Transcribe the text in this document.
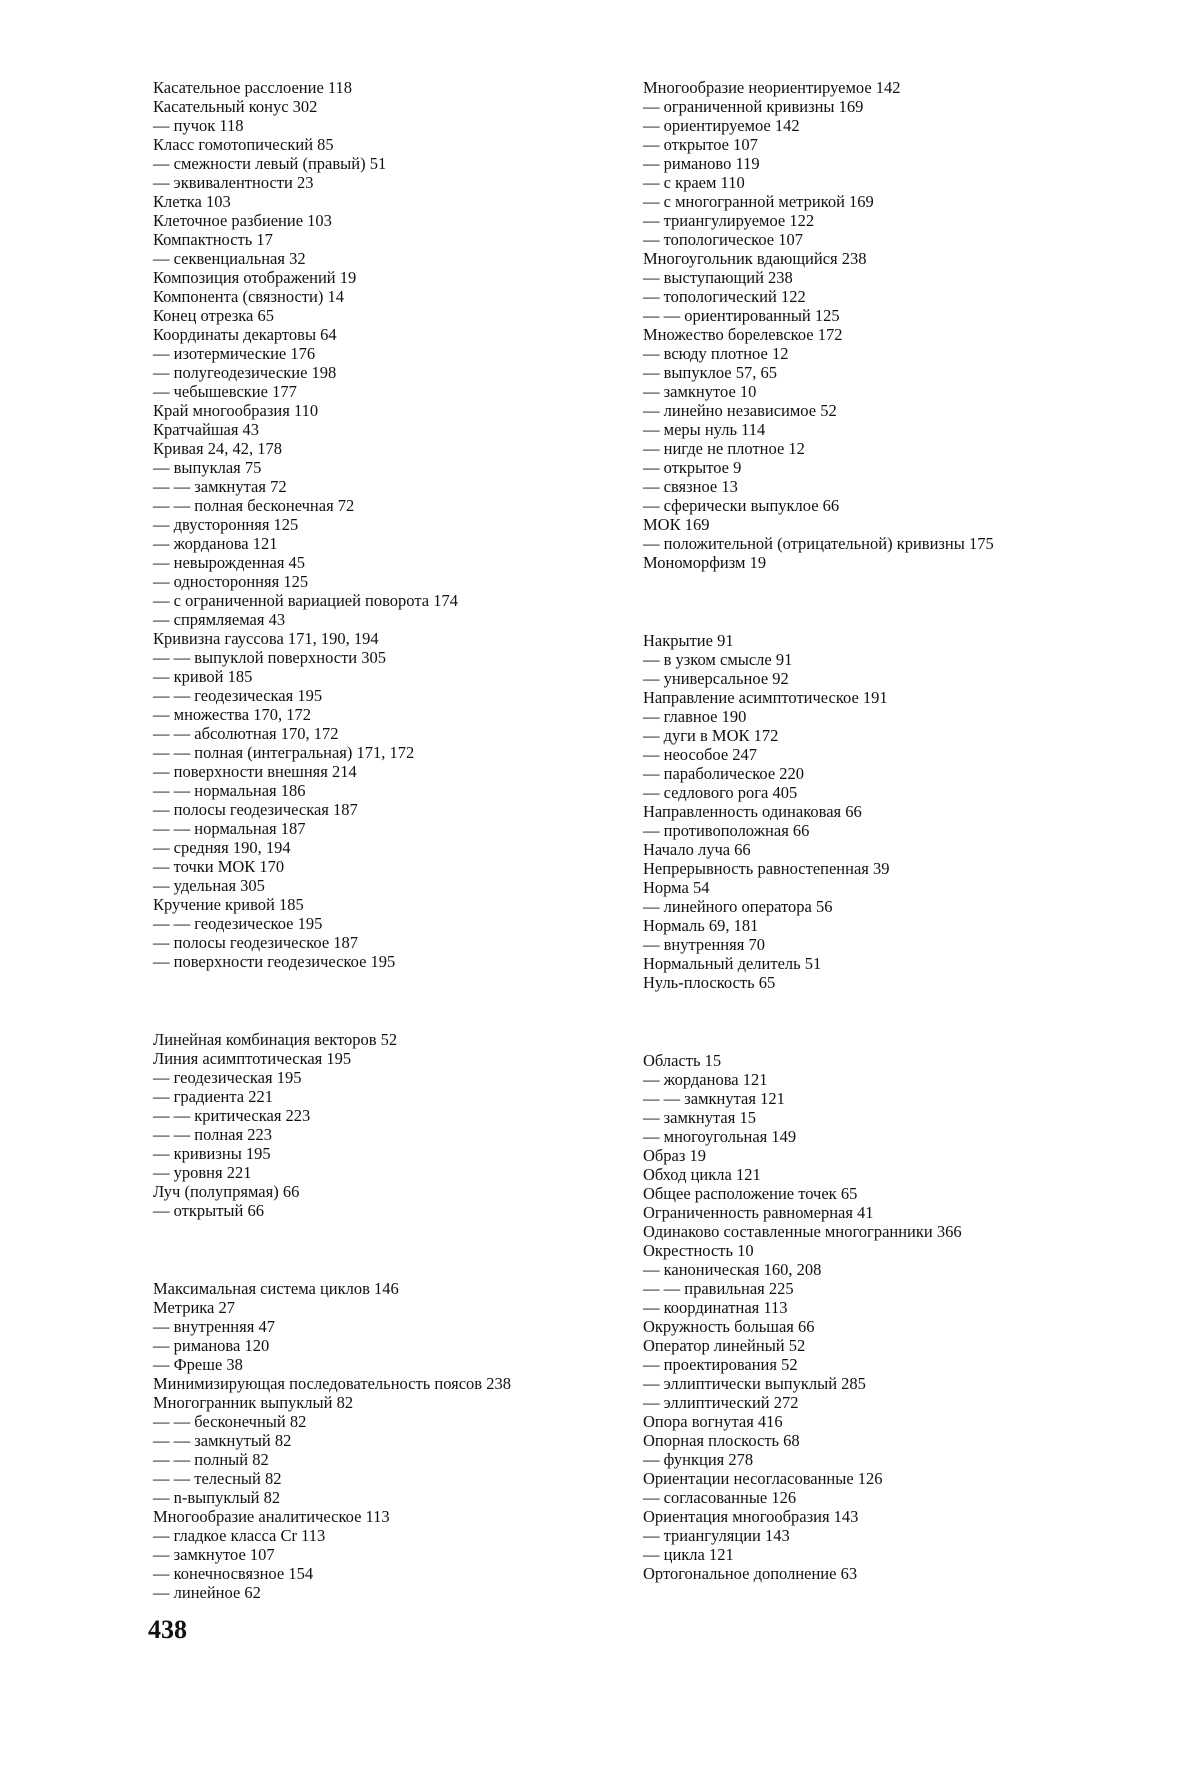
Касательное расслоение 118
Касательный конус 302
— пучок 118
Класс гомотопический 85
— смежности левый (правый) 51
— эквивалентности 23
Клетка 103
Клеточное разбиение 103
Компактность 17
— секвенциальная 32
Композиция отображений 19
Компонента (связности) 14
Конец отрезка 65
Координаты декартовы 64
— изотермические 176
— полугеодезические 198
— чебышевские 177
Край многообразия 110
Кратчайшая 43
Кривая 24, 42, 178
— выпуклая 75
— — замкнутая 72
— — полная бесконечная 72
— двусторонняя 125
— жорданова 121
— невырожденная 45
— односторонняя 125
— с ограниченной вариацией поворота 174
— спрямляемая 43
Кривизна гауссова 171, 190, 194
— — выпуклой поверхности 305
— кривой 185
— — геодезическая 195
— множества 170, 172
— — абсолютная 170, 172
— — полная (интегральная) 171, 172
— поверхности внешняя 214
— — нормальная 186
— полосы геодезическая 187
— — нормальная 187
— средняя 190, 194
— точки МОК 170
— удельная 305
Кручение кривой 185
— — геодезическое 195
— полосы геодезическое 187
— поверхности геодезическое 195
Линейная комбинация векторов 52
Линия асимптотическая 195
— геодезическая 195
— градиента 221
— — критическая 223
— — полная 223
— кривизны 195
— уровня 221
Луч (полупрямая) 66
— открытый 66
Максимальная система циклов 146
Метрика 27
— внутренняя 47
— риманова 120
— Фреше 38
Минимизирующая последовательность поясов 238
Многогранник выпуклый 82
— — бесконечный 82
— — замкнутый 82
— — полный 82
— — телесный 82
— n-выпуклый 82
Многообразие аналитическое 113
— гладкое класса Cr 113
— замкнутое 107
— конечносвязное 154
— линейное 62
Многообразие неориентируемое 142
— ограниченной кривизны 169
— ориентируемое 142
— открытое 107
— риманово 119
— с краем 110
— с многогранной метрикой 169
— триангулируемое 122
— топологическое 107
Многоугольник вдающийся 238
— выступающий 238
— топологический 122
— — ориентированный 125
Множество борелевское 172
— всюду плотное 12
— выпуклое 57, 65
— замкнутое 10
— линейно независимое 52
— меры нуль 114
— нигде не плотное 12
— открытое 9
— связное 13
— сферически выпуклое 66
МОК 169
— положительной (отрицательной) кривизны 175
Мономорфизм 19
Накрытие 91
— в узком смысле 91
— универсальное 92
Направление асимптотическое 191
— главное 190
— дуги в МОК 172
— неособое 247
— параболическое 220
— седлового рога 405
Направленность одинаковая 66
— противоположная 66
Начало луча 66
Непрерывность равностепенная 39
Норма 54
— линейного оператора 56
Нормаль 69, 181
— внутренняя 70
Нормальный делитель 51
Нуль-плоскость 65
Область 15
— жорданова 121
— — замкнутая 121
— замкнутая 15
— многоугольная 149
Образ 19
Обход цикла 121
Общее расположение точек 65
Ограниченность равномерная 41
Одинаково составленные многогранники 366
Окрестность 10
— каноническая 160, 208
— — правильная 225
— координатная 113
Окружность большая 66
Оператор линейный 52
— проектирования 52
— эллиптически выпуклый 285
— эллиптический 272
Опора вогнутая 416
Опорная плоскость 68
— функция 278
Ориентации несогласованные 126
— согласованные 126
Ориентация многообразия 143
— триангуляции 143
— цикла 121
Ортогональное дополнение 63
438
